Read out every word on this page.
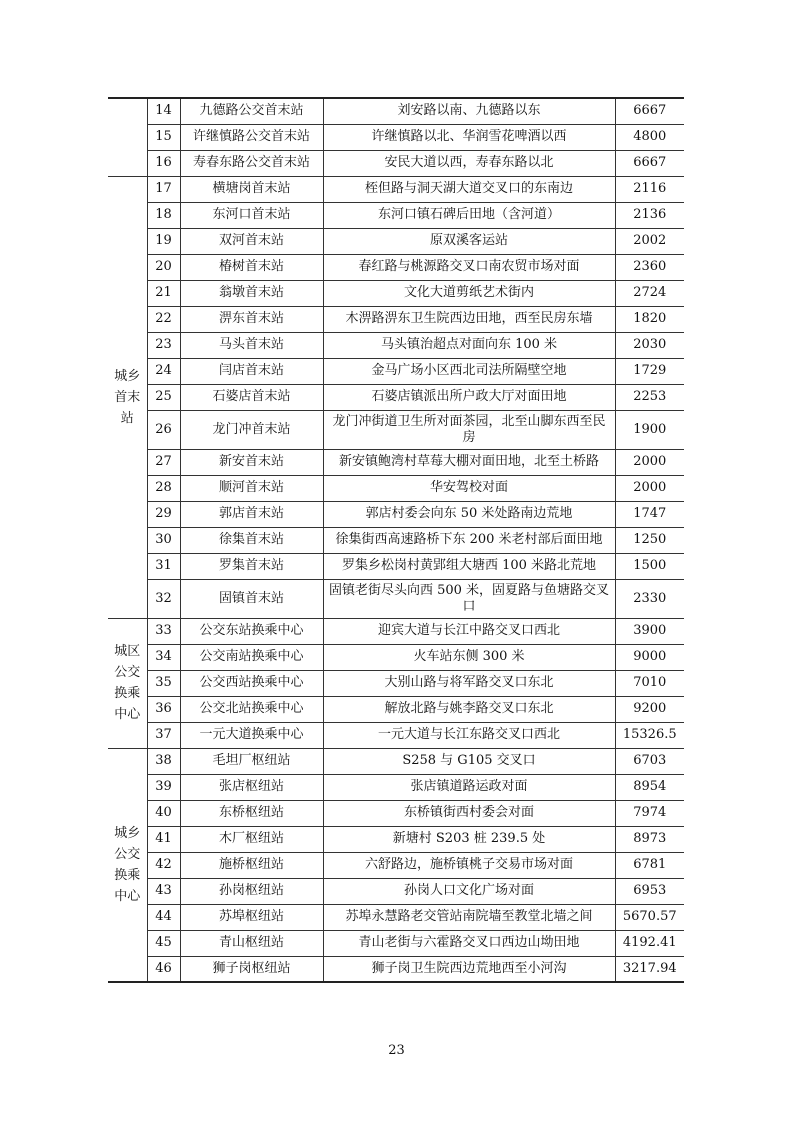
	14	九德路公交首末站	刘安路以南、九德路以东	6667
	15	许继慎路公交首末站	许继慎路以北、华润雪花啤酒以西	4800
	16	寿春东路公交首末站	安民大道以西，寿春东路以北	6667
城乡首末站	17	横塘岗首末站	桎但路与洞天湖大道交叉口的东南边	2116
	18	东河口首末站	东河口镇石碑后田地（含河道）	2136
	19	双河首末站	原双溪客运站	2002
	20	椿树首末站	春红路与桃源路交叉口南农贸市场对面	2360
	21	翁墩首末站	文化大道剪纸艺术街内	2724
	22	淠东首末站	木淠路淠东卫生院西边田地，西至民房东墙	1820
	23	马头首末站	马头镇治超点对面向东 100 米	2030
	24	闫店首末站	金马广场小区西北司法所隔壁空地	1729
	25	石婆店首末站	石婆店镇派出所户政大厅对面田地	2253
	26	龙门冲首末站	龙门冲街道卫生所对面茶园，北至山脚东西至民房	1900
	27	新安首末站	新安镇鲍湾村草莓大棚对面田地，北至土桥路	2000
	28	顺河首末站	华安驾校对面	2000
	29	郭店首末站	郭店村委会向东 50 米处路南边荒地	1747
	30	徐集首末站	徐集街西高速路桥下东 200 米老村部后面田地	1250
	31	罗集首末站	罗集乡松岗村黄郢组大塘西 100 米路北荒地	1500
	32	固镇首末站	固镇老街尽头向西 500 米，固夏路与鱼塘路交叉口	2330
城区公交换乘中心	33	公交东站换乘中心	迎宾大道与长江中路交叉口西北	3900
	34	公交南站换乘中心	火车站东侧 300 米	9000
	35	公交西站换乘中心	大别山路与将军路交叉口东北	7010
	36	公交北站换乘中心	解放北路与姚李路交叉口东北	9200
	37	一元大道换乘中心	一元大道与长江东路交叉口西北	15326.5
城乡公交换乘中心	38	毛坦厂枢纽站	S258 与 G105 交叉口	6703
	39	张店枢纽站	张店镇道路运政对面	8954
	40	东桥枢纽站	东桥镇街西村委会对面	7974
	41	木厂枢纽站	新塘村 S203 桩 239.5 处	8973
	42	施桥枢纽站	六舒路边，施桥镇桃子交易市场对面	6781
	43	孙岗枢纽站	孙岗人口文化广场对面	6953
	44	苏埠枢纽站	苏埠永慧路老交管站南院墙至教堂北墙之间	5670.57
	45	青山枢纽站	青山老街与六霍路交叉口西边山坳田地	4192.41
	46	狮子岗枢纽站	狮子岗卫生院西边荒地西至小河沟	3217.94
23
